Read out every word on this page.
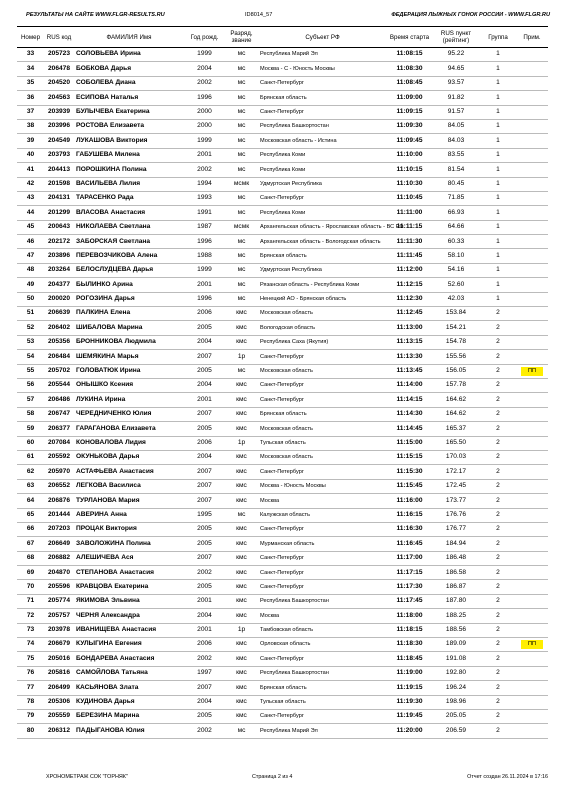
РЕЗУЛЬТАТЫ НА САЙТЕ WWW.FLGR-RESULTS.RU	ID8014_57	ФЕДЕРАЦИЯ ЛЫЖНЫХ ГОНОК РОССИИ - WWW.FLGR.RU
Номер	RUS код	ФАМИЛИЯ Имя	Год рожд.	Разряд, звание	Субъект РФ	Время старта	RUS пункт (рейтинг)	Группа	Прим.
33	205723	СОЛОВЬЕВА Ирина	1999	мс	Республика Марий Эл	11:08:15	95.22	1	
34	206478	БОБКОВА Дарья	2004	мс	Москва - С - Юность Москвы	11:08:30	94.65	1	
35	204520	СОБОЛЕВА Диана	2002	мс	Санкт-Петербург	11:08:45	93.57	1	
36	204563	ЕСИПОВА Наталья	1996	мс	Брянская область	11:09:00	91.82	1	
37	203939	БУЛЫЧЕВА Екатерина	2000	мс	Санкт-Петербург	11:09:15	91.57	1	
38	203996	РОСТОВА Елизавета	2000	мс	Республика Башкортостан	11:09:30	84.05	1	
39	204549	ЛУКАШОВА Виктория	1999	мс	Московская область - Истина	11:09:45	84.03	1	
40	203793	ГАБУШЕВА Милена	2001	мс	Республика Коми	11:10:00	83.55	1	
41	204413	ПОРОШКИНА Полина	2002	мс	Республика Коми	11:10:15	81.54	1	
42	201598	ВАСИЛЬЕВА Лилия	1994	мсмк	Удмуртская Республика	11:10:30	80.45	1	
43	204131	ТАРАСЕНКО Рада	1993	мс	Санкт-Петербург	11:10:45	71.85	1	
44	201299	ВЛАСОВА Анастасия	1991	мс	Республика Коми	11:11:00	66.93	1	
45	200643	НИКОЛАЕВА Светлана	1987	мсмк	Архангельская область - Ярославская область - ВС РФ	11:11:15	64.66	1	
46	202172	ЗАБОРСКАЯ Светлана	1996	мс	Архангельская область - Вологодская область	11:11:30	60.33	1	
47	203896	ПЕРЕВОЗЧИКОВА Алена	1988	мс	Брянская область	11:11:45	58.10	1	
48	203264	БЕЛОСЛУДЦЕВА Дарья	1999	мс	Удмуртская Республика	11:12:00	54.16	1	
49	204377	БЫЛИНКО Арина	2001	мс	Рязанская область - Республика Коми	11:12:15	52.60	1	
50	200020	РОГОЗИНА Дарья	1996	мс	Ненецкий АО - Брянская область	11:12:30	42.03	1	
51	206639	ПАЛКИНА Елена	2006	кмс	Московская область	11:12:45	153.84	2	
52	206402	ШИБАЛОВА Марина	2005	кмс	Вологодская область	11:13:00	154.21	2	
53	205356	БРОННИКОВА Людмила	2004	кмс	Республика Саха (Якутия)	11:13:15	154.78	2	
54	206484	ШЕМЯКИНА Марья	2007	1р	Санкт-Петербург	11:13:30	155.56	2	
55	205702	ГОЛОВАТЮК Ирина	2005	мс	Московская область	11:13:45	156.05	2	ПП
56	205544	ОНЫШКО Ксения	2004	кмс	Санкт-Петербург	11:14:00	157.78	2	
57	206486	ЛУКИНА Ирина	2001	кмс	Санкт-Петербург	11:14:15	164.62	2	
58	206747	ЧЕРЕДНИЧЕНКО Юлия	2007	кмс	Брянская область	11:14:30	164.62	2	
59	206377	ГАРАГАНОВА Елизавета	2005	кмс	Московская область	11:14:45	165.37	2	
60	207084	КОНОВАЛОВА Лидия	2006	1р	Тульская область	11:15:00	165.50	2	
61	205592	ОКУНЬКОВА Дарья	2004	кмс	Московская область	11:15:15	170.03	2	
62	205970	АСТАФЬЕВА Анастасия	2007	кмс	Санкт-Петербург	11:15:30	172.17	2	
63	206552	ЛЕГКОВА Василиса	2007	кмс	Москва - Юность Москвы	11:15:45	172.45	2	
64	206876	ТУРЛАНОВА Мария	2007	кмс	Москва	11:16:00	173.77	2	
65	201444	АВЕРИНА Анна	1995	мс	Калужская область	11:16:15	176.76	2	
66	207203	ПРОЦАК Виктория	2005	кмс	Санкт-Петербург	11:16:30	176.77	2	
67	206649	ЗАВОЛОЖИНА Полина	2005	кмс	Мурманская область	11:16:45	184.94	2	
68	206882	АЛЕШИЧЕВА Ася	2007	кмс	Санкт-Петербург	11:17:00	186.48	2	
69	204870	СТЕПАНОВА Анастасия	2002	кмс	Санкт-Петербург	11:17:15	186.58	2	
70	205596	КРАВЦОВА Екатерина	2005	кмс	Санкт-Петербург	11:17:30	186.87	2	
71	205774	ЯКИМОВА Эльвина	2001	кмс	Республика Башкортостан	11:17:45	187.80	2	
72	205757	ЧЕРНЯ Александра	2004	кмс	Москва	11:18:00	188.25	2	
73	203978	ИВАНИЩЕВА Анастасия	2001	1р	Тамбовская область	11:18:15	188.56	2	
74	206679	КУЛЫГИНА Евгения	2006	кмс	Орловская область	11:18:30	189.09	2	ПП
75	205016	БОНДАРЕВА Анастасия	2002	кмс	Санкт-Петербург	11:18:45	191.08	2	
76	205816	САМОЙЛОВА Татьяна	1997	кмс	Республика Башкортостан	11:19:00	192.80	2	
77	206499	КАСЬЯНОВА Злата	2007	кмс	Брянская область	11:19:15	196.24	2	
78	205306	КУДИНОВА Дарья	2004	кмс	Тульская область	11:19:30	198.96	2	
79	205559	БЕРЕЗИНА Марина	2005	кмс	Санкт-Петербург	11:19:45	205.05	2	
80	206312	ПАДЫГАНОВА Юлия	2002	мс	Республика Марий Эл	11:20:00	206.59	2	
ХРОНОМЕТРАЖ СОК "ГОРНЯК"	Страница 2 из 4	Отчет создан 26.11.2024 в 17:16
